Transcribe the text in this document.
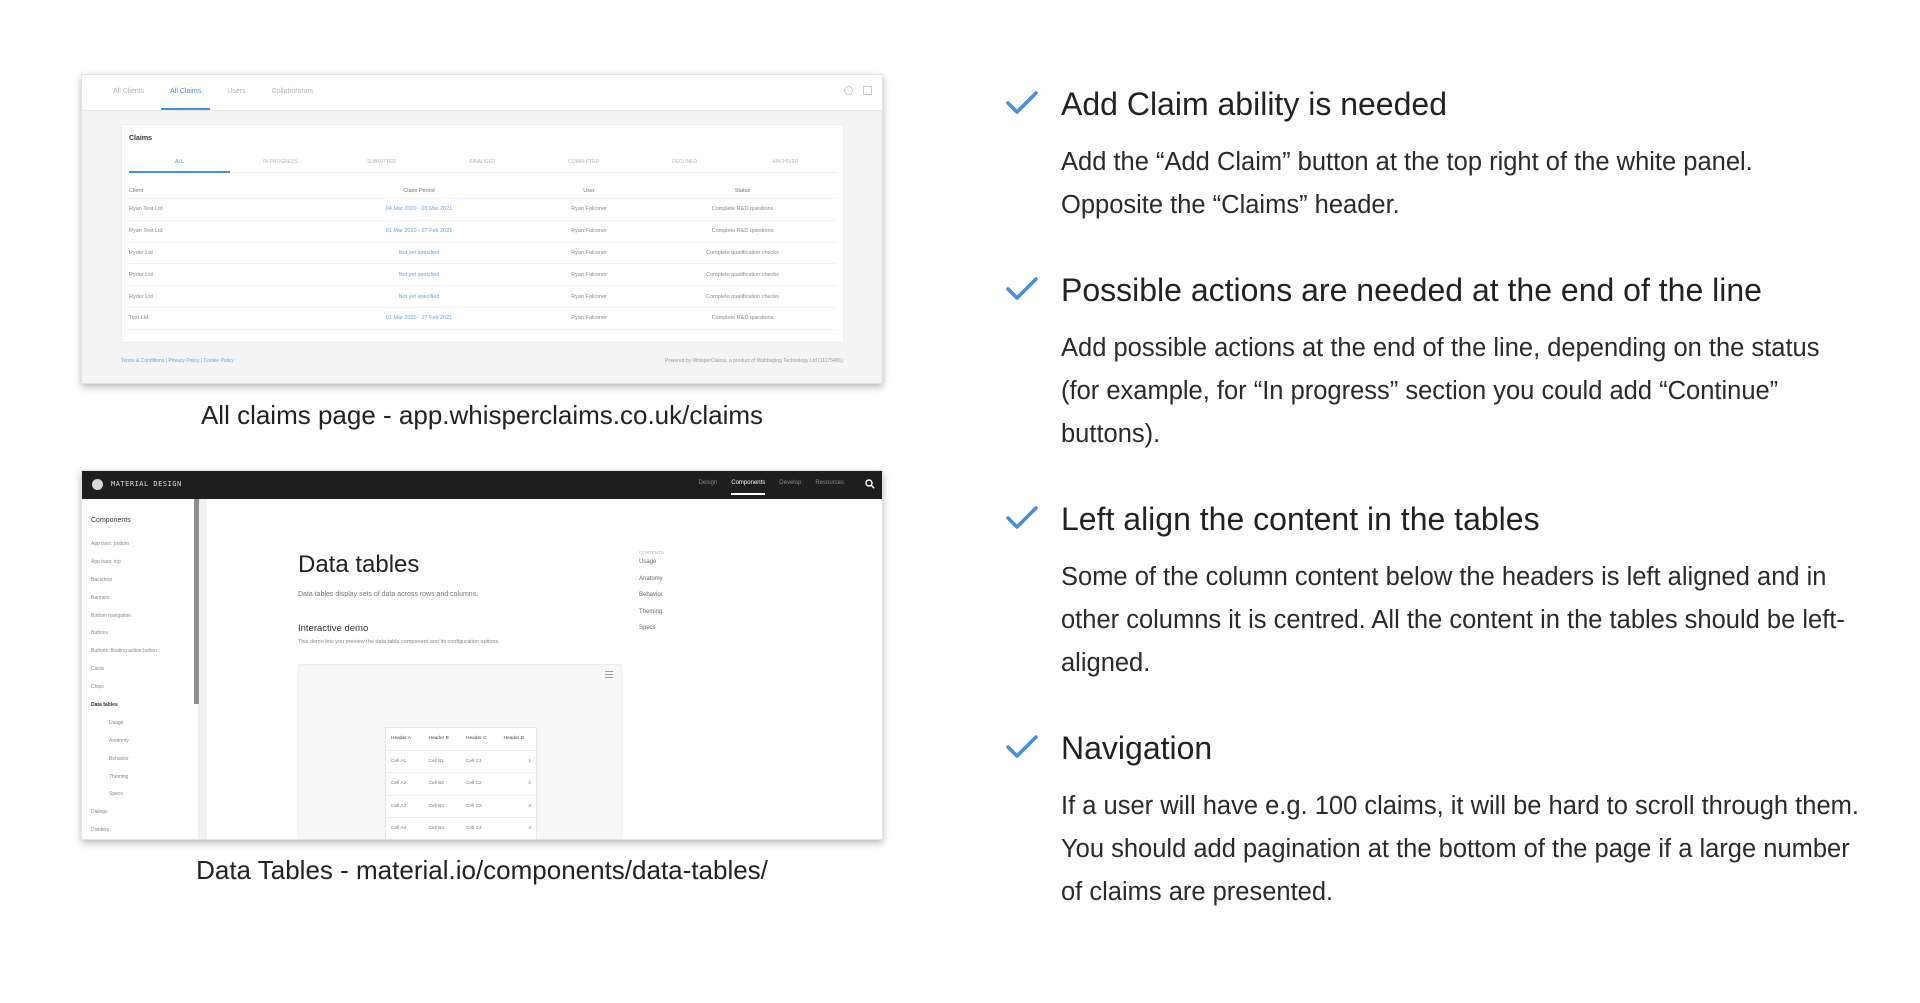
All Clients	All Claims	Users	Collaborators
Claims
ALL	IN PROGRESS	SUBMITTED	FINALISED	COMPLETED	DECLINED	ARCHIVED
Client	Claim Period	User	Status
Ryan Test Ltd	04 Mar 2020 - 03 Mar 2021	Ryan Falconer	Complete R&D questions
Ryan Test Ltd	01 Mar 2020 - 27 Feb 2021	Ryan Falconer	Complete R&D questions
Ryder Ltd	Not yet specified	Ryan Falconer	Complete qualification checks
Ryder Ltd	Not yet specified	Ryan Falconer	Complete qualification checks
Ryder Ltd	Not yet specified	Ryan Falconer	Complete qualification checks
Test Ltd	01 Mar 2020 - 27 Feb 2021	Ryan Falconer	Complete R&D questions
Terms & Conditions | Privacy Policy | Cookie Policy	Powered by WhisperClaims, a product of Wabbaging Technology Ltd (11175491)
All claims page - app.whisperclaims.co.uk/claims
MATERIAL DESIGN	Design Components Develop Resources
Components
App bars: bottom
App bars: top
Backdrop
Banners
Bottom navigation
Buttons
Buttons: floating action button
Cards
Chips
Data tables
Usage
Anatomy
Behavior
Theming
Specs
Dialogs
Dividers
Data tables
Data tables display sets of data across rows and columns.
Interactive demo
This demo lets you preview the data table component and its configuration options.
CONTENTS
Usage
Anatomy
Behavior
Theming
Specs
Header A	Header B	Header C	Header D
Cell A1	Cell B1	Cell C1	1
Cell A2	Cell B2	Cell C2	2
Cell A3	Cell B3	Cell C3	3
Cell A4	Cell B4	Cell C4	4
Data Tables - material.io/components/data-tables/
Add Claim ability is needed

Add the “Add Claim” button at the top right of the white panel. Opposite the “Claims” header.

Possible actions are needed at the end of the line

Add possible actions at the end of the line, depending on the status (for example, for “In progress” section you could add “Continue” buttons).

Left align the content in the tables

Some of the column content below the headers is left aligned and in other columns it is centred. All the content in the tables should be left-aligned.

Navigation

If a user will have e.g. 100 claims, it will be hard to scroll through them. You should add pagination at the bottom of the page if a large number of claims are presented.
